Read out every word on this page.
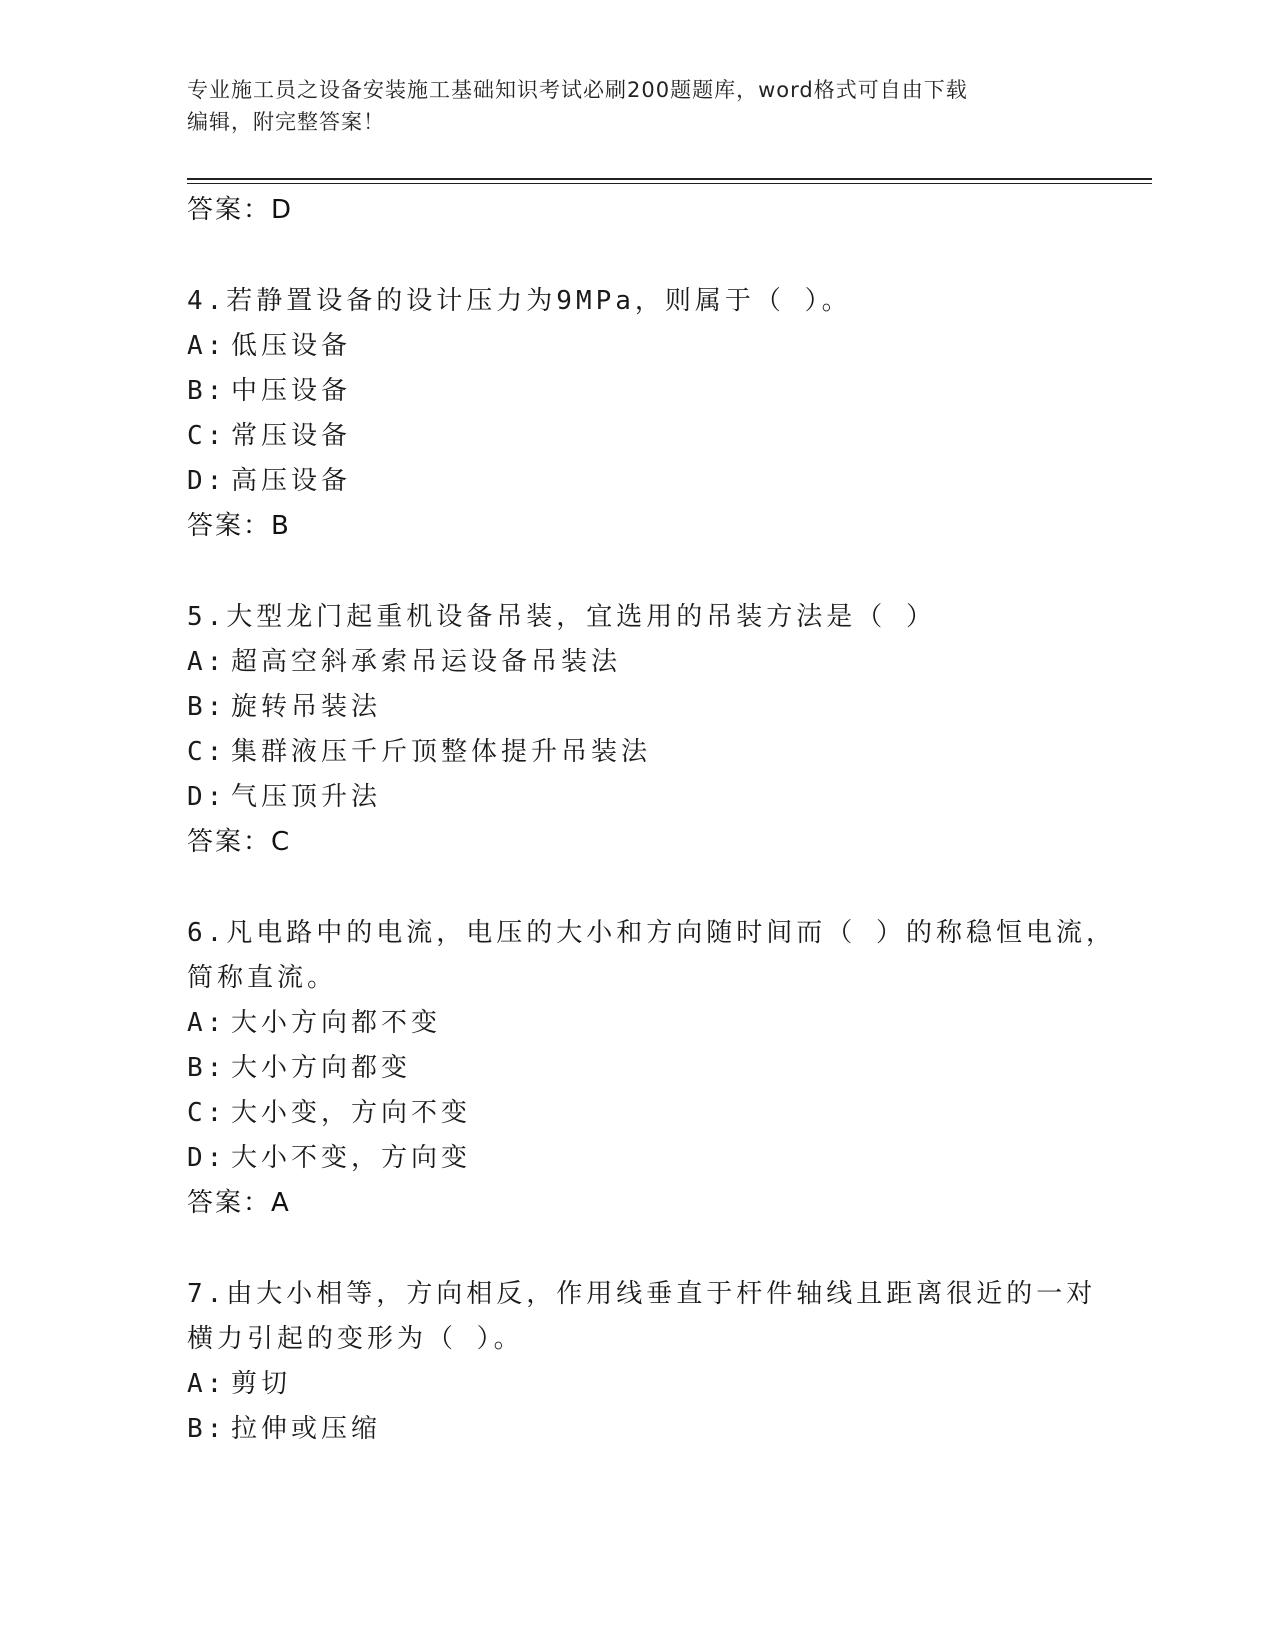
专业施工员之设备安装施工基础知识考试必刷200题题库，word格式可自由下载
编辑，附完整答案！
答案：D
4.若静置设备的设计压力为9MPa，则属于（ ）。
A: 低压设备
B: 中压设备
C: 常压设备
D: 高压设备
答案：B
5.大型龙门起重机设备吊装，宜选用的吊装方法是（ ）
A: 超高空斜承索吊运设备吊装法
B: 旋转吊装法
C: 集群液压千斤顶整体提升吊装法
D: 气压顶升法
答案：C
6.凡电路中的电流，电压的大小和方向随时间而（ ）的称稳恒电流，
简称直流。
A: 大小方向都不变
B: 大小方向都变
C: 大小变，方向不变
D: 大小不变，方向变
答案：A
7.由大小相等，方向相反，作用线垂直于杆件轴线且距离很近的一对
横力引起的变形为（ ）。
A: 剪切
B: 拉伸或压缩
